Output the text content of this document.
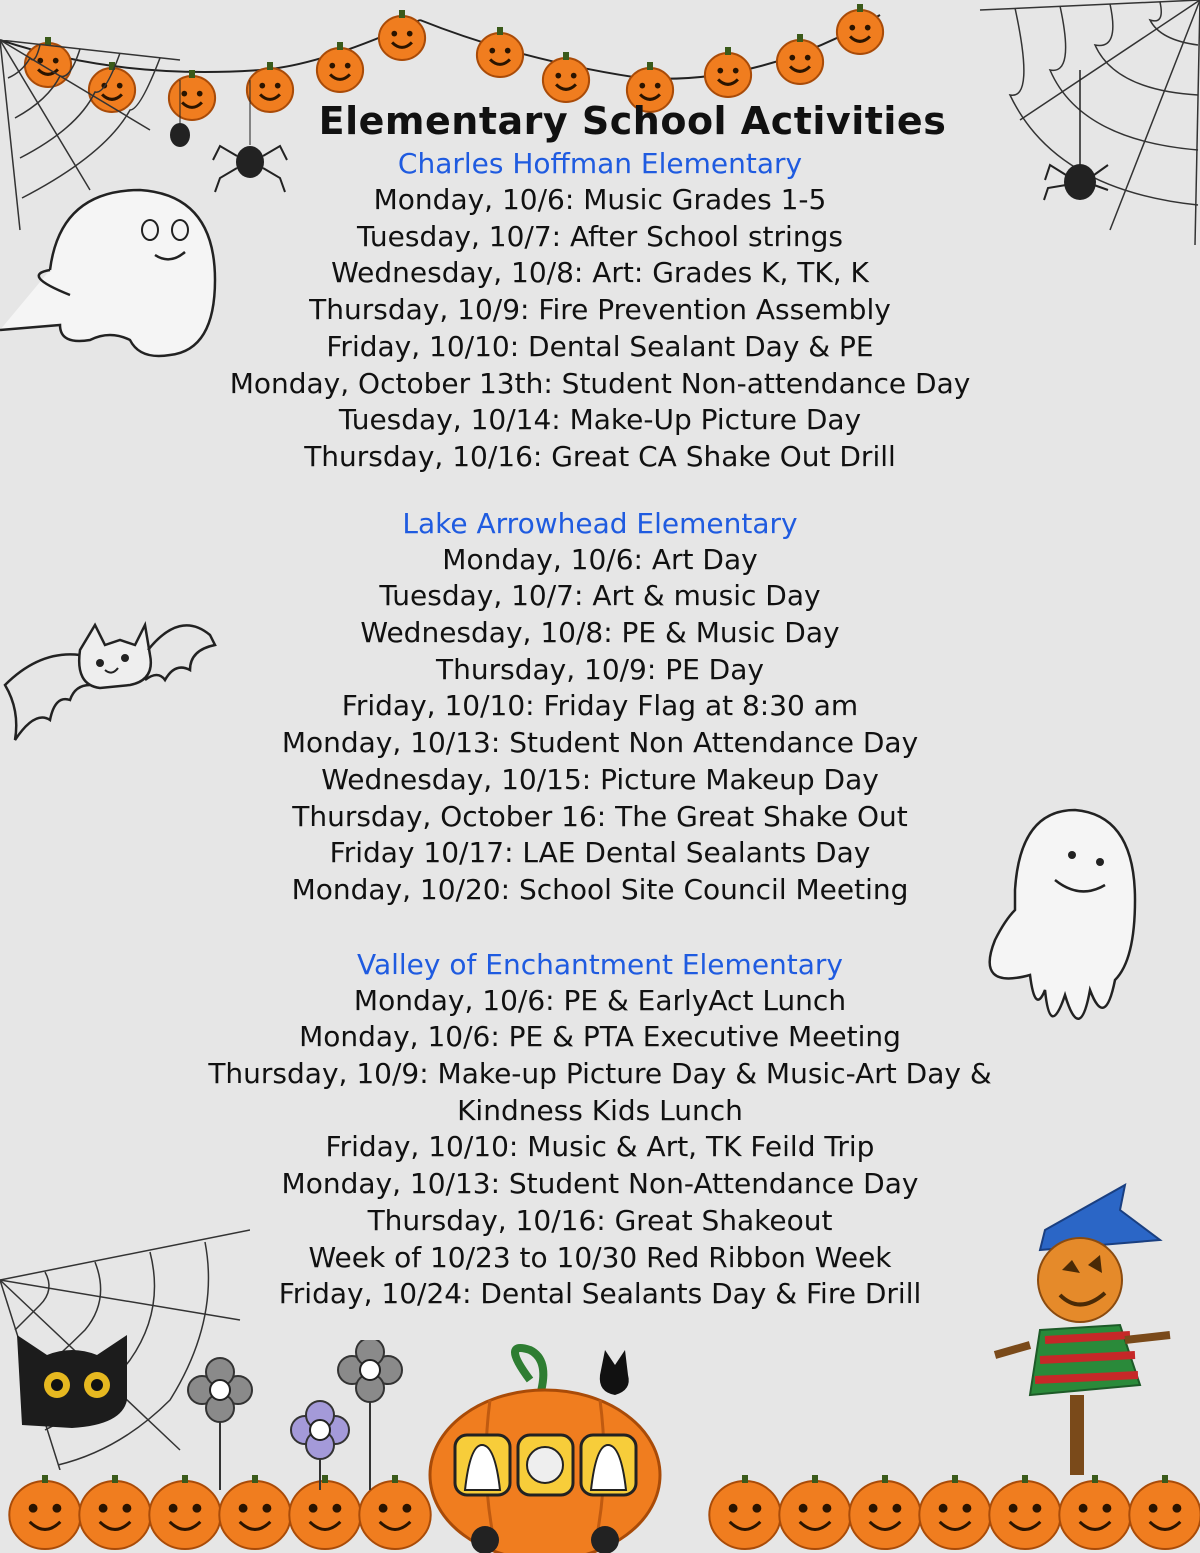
Elementary School Activities
Charles Hoffman Elementary
Monday, 10/6: Music Grades 1-5
Tuesday, 10/7: After School strings
Wednesday, 10/8: Art: Grades K, TK, K
Thursday, 10/9: Fire Prevention Assembly
Friday, 10/10: Dental Sealant Day & PE
Monday, October 13th: Student Non-attendance Day
Tuesday, 10/14: Make-Up Picture Day
Thursday, 10/16: Great CA Shake Out Drill
Lake Arrowhead Elementary
Monday, 10/6: Art Day
Tuesday, 10/7: Art & music Day
Wednesday, 10/8: PE & Music Day
Thursday, 10/9: PE Day
Friday, 10/10: Friday Flag at 8:30 am
Monday, 10/13: Student Non Attendance Day
Wednesday, 10/15: Picture Makeup Day
Thursday, October 16: The Great Shake Out
Friday 10/17: LAE Dental Sealants Day
Monday, 10/20: School Site Council Meeting
Valley of Enchantment Elementary
Monday, 10/6: PE & EarlyAct Lunch
Monday, 10/6: PE & PTA Executive Meeting
Thursday, 10/9: Make-up Picture Day & Music-Art Day & Kindness Kids Lunch
Friday, 10/10: Music & Art, TK Feild Trip
Monday, 10/13: Student Non-Attendance Day
Thursday, 10/16: Great Shakeout
Week of 10/23 to 10/30 Red Ribbon Week
Friday, 10/24: Dental Sealants Day & Fire Drill
